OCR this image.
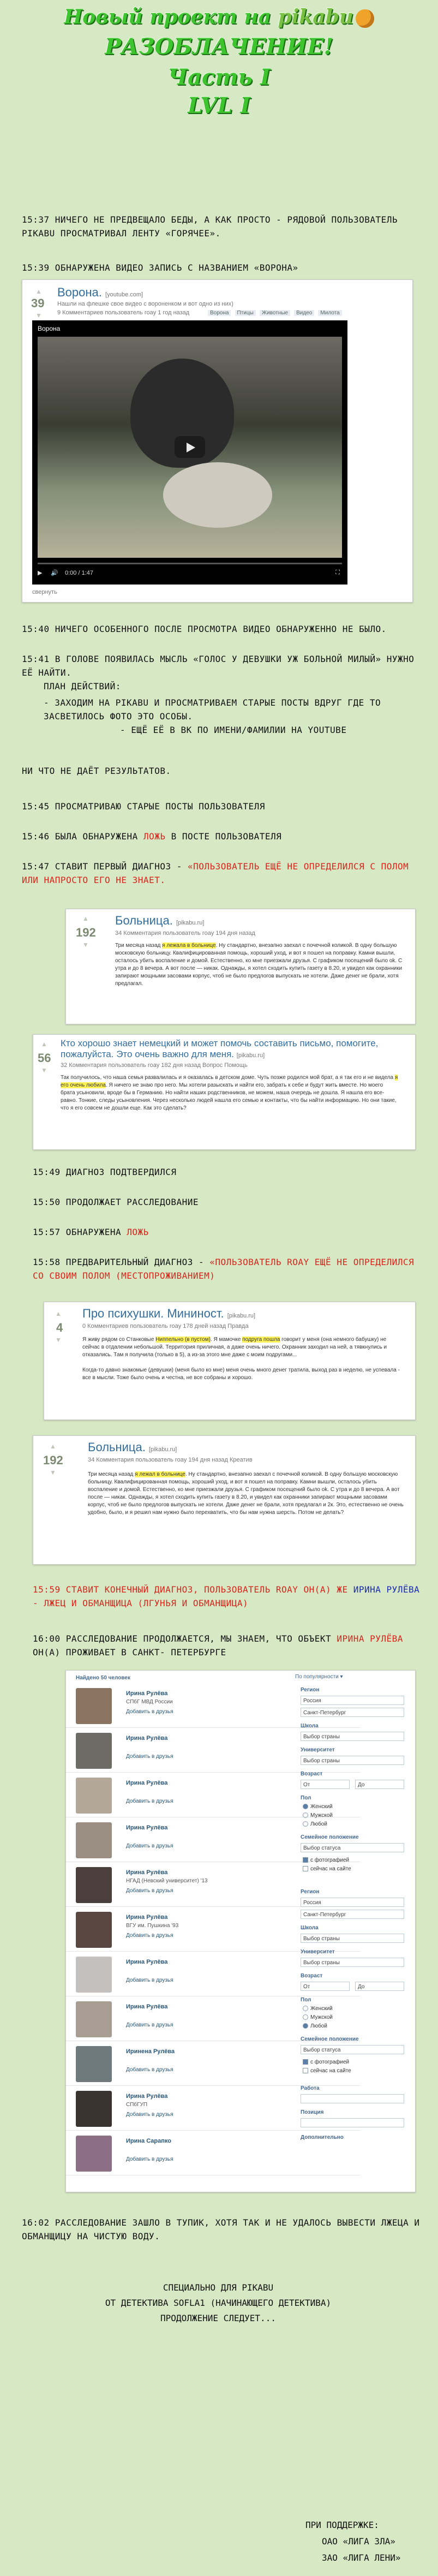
Новый проект на pikabu
РАЗОБЛАЧЕНИЕ!
Часть I
LVL I
15:37 НИЧЕГО НЕ ПРЕДВЕЩАЛО БЕДЫ, А КАК ПРОСТО - РЯДОВОЙ ПОЛЬЗОВАТЕЛЬ PIKABU ПРОСМАТРИВАЛ ЛЕНТУ «ГОРЯЧЕЕ».
15:39 ОБНАРУЖЕНА ВИДЕО ЗАПИСЬ С НАЗВАНИЕМ «ВОРОНА»
▲
39
▼
Ворона. [youtube.com]
Нашли на флешке свое видео с вороненком и вот одно из них)
9 Комментариев пользователь roay 1 год назад	Ворона Птицы Животные Видео Милота
Ворона
▶ 🔊 0:00 / 1:47	⛶
свернуть
15:40 НИЧЕГО ОСОБЕННОГО ПОСЛЕ ПРОСМОТРА ВИДЕО ОБНАРУЖЕННО НЕ БЫЛО.
15:41 В ГОЛОВЕ ПОЯВИЛАСЬ МЫСЛЬ «ГОЛОС У ДЕВУШКИ УЖ БОЛЬНОЙ МИЛЫЙ» НУЖНО ЕЁ НАЙТИ.
ПЛАН ДЕЙСТВИЙ:
- ЗАХОДИМ НА PIKABU И ПРОСМАТРИВАЕМ СТАРЫЕ ПОСТЫ ВДРУГ ГДЕ ТО ЗАСВЕТИЛОСЬ ФОТО ЭТО ОСОБЫ.
- ЕЩЁ ЕЁ В ВК ПО ИМЕНИ/ФАМИЛИИ НА YOUTUBE
НИ ЧТО НЕ ДАЁТ РЕЗУЛЬТАТОВ.
15:45 ПРОСМАТРИВАЮ СТАРЫЕ ПОСТЫ ПОЛЬЗОВАТЕЛЯ
15:46 БЫЛА ОБНАРУЖЕНА ЛОЖЬ В ПОСТЕ ПОЛЬЗОВАТЕЛЯ
15:47 СТАВИТ ПЕРВЫЙ ДИАГНОЗ - «ПОЛЬЗОВАТЕЛЬ ЕЩЁ НЕ ОПРЕДЕЛИЛСЯ С ПОЛОМ ИЛИ НАПРОСТО ЕГО НЕ ЗНАЕТ.
▲
192
▼
Больница. [pikabu.ru]
34 Комментария пользователь roay 194 дня назад
Три месяца назад я лежала в больнице. Ну стандартно, внезапно заехал с почечной коликой. В одну большую московскую больницу. Квалифицированная помощь, хороший уход, и вот я пошел на поправку. Камни вышли, осталось убить воспаление и домой. Естественно, ко мне приезжали друзья. С графиком посещений было ok. С утра и до 8 вечера. А вот после — никак. Однажды, я хотел сходить купить газету в 8.20, и увидел как охранники запирают мощными засовами корпус, чтоб не было предлогов выпускать не хотели. Даже денег не брали, хотя предлагал.
▲
56
▼
Кто хорошо знает немецкий и может помочь составить письмо, помогите, пожалуйста. Это очень важно для меня. [pikabu.ru]
32 Комментария пользователь roay 182 дня назад Вопрос Помощь
Так получилось, что наша семья развалилась и я оказалась в детском доме. Чуть позже родился мой брат, а я так его и не видела я его очень любила. Я ничего не знаю про него. Мы хотели разыскать и найти его, забрать к себе и будут жить вместе. Но моего брата усыновили, вроде бы в Германию. Но найти наших родственников, не можем, наша очередь не дошла. Я нашла его все-равно. Тонкие, следы усыновления. Через несколько людей нашла его семью и контакты, что бы найти информацию. Но они такие, что я его совсем не дошли еще. Как это сделать?
15:49 ДИАГНОЗ ПОДТВЕРДИЛСЯ
15:50 ПРОДОЛЖАЕТ РАССЛЕДОВАНИЕ
15:57 ОБНАРУЖЕНА ЛОЖЬ
15:58 ПРЕДВАРИТЕЛЬНЫЙ ДИАГНОЗ - «ПОЛЬЗОВАТЕЛЬ ROAY ЕЩЁ НЕ ОПРЕДЕЛИЛСЯ СО СВОИМ ПОЛОМ (МЕСТОПРОЖИВАНИЕМ)
▲
4
▼
Про психушки. Мининост. [pikabu.ru]
0 Комментариев пользователь roay 178 дней назад Правда
Я живу рядом со Станковые Ниппельно (в пустом). Я мамочке подруга пошла говорит у меня (она немного бабушку) не сейчас в отдалении небольшой. Территория приличная, а даже очень ничего. Охранник заходил на ней, а тявкнулись и отказались. Там я получила (только в 5), а из-за этого мне даже с моим подругами...

Когда-то давно знакомые (девушки) (меня было ко мне) меня очень много денег тратила, выход раз в неделю, не успевала - все в мысли. Тоже было очень и честна, не все собраны и хорошо.
▲
192
▼
Больница. [pikabu.ru]
34 Комментария пользователь roay 194 дня назад Креатив
Три месяца назад я лежал в больнице. Ну стандартно, внезапно заехал с почечной коликой. В одну большую московскую больницу. Квалифицированная помощь, хороший уход, и вот я пошел на поправку. Камни вышли, осталось убить воспаление и домой. Естественно, ко мне приезжали друзья. С графиком посещений было ok. С утра и до 8 вечера. А вот после — никак. Однажды, я хотел сходить купить газету в 8.20, и увидел как охранники запирают мощными засовами корпус, чтоб не было предлогов выпускать не хотели. Даже денег не брали, хотя предлагал и 2к. Это, естественно не очень удобно, было, и я решил нам нужно было перехватить, что бы нам нужна шерсть. Потом не делать?
15:59 СТАВИТ КОНЕЧНЫЙ ДИАГНОЗ, ПОЛЬЗОВАТЕЛЬ ROAY ОН(А) ЖЕ ИРИНА РУЛЁВА - ЛЖЕЦ И ОБМАНЩИЦА (ЛГУНЬЯ И ОБМАНЩИЦА)
16:00 РАССЛЕДОВАНИЕ ПРОДОЛЖАЕТСЯ, МЫ ЗНАЕМ, ЧТО ОБЪЕКТ ИРИНА РУЛЁВА ОН(А) ПРОЖИВАЕТ В САНКТ- ПЕТЕРБУРГЕ
Найдено 50 человек	По популярности ▾
Ирина Рулёва
СПбГ МВД России
Добавить в друзья
Ирина Рулёва
Добавить в друзья
Ирина Рулёва
Добавить в друзья
Ирина Рулёва
Добавить в друзья
Ирина Рулёва
НГАД (Невский университет) '13
Добавить в друзья
Ирина Рулёва
ВГУ им. Пушкина '93
Добавить в друзья
Ирина Рулёва
Добавить в друзья
Ирина Рулёва
Добавить в друзья
Иринена Рулёва
Добавить в друзья
Ирина Рулёва
СПбГУП
Добавить в друзья
Ирина Сарапко
Добавить в друзья
Регион
Россия
Санкт-Петербург
Школа
Выбор страны
Университет
Выбор страны
Возраст
От	До
Пол
Женский
Мужской
Любой
Семейное положение
Выбор статуса
с фотографией
сейчас на сайте
Регион
Россия
Санкт-Петербург
Школа
Выбор страны
Университет
Выбор страны
Возраст
От	До
Пол
Женский
Мужской
Любой
Семейное положение
Выбор статуса
с фотографией
сейчас на сайте
Работа
Позиция
Дополнительно
16:02 РАССЛЕДОВАНИЕ ЗАШЛО В ТУПИК, ХОТЯ ТАК И НЕ УДАЛОСЬ ВЫВЕСТИ ЛЖЕЦА И ОБМАНЩИЦУ НА ЧИСТУЮ ВОДУ.
СПЕЦИАЛЬНО ДЛЯ PIKABU
ОТ ДЕТЕКТИВА SOFLA1 (НАЧИНАЮЩЕГО ДЕТЕКТИВА)
ПРОДОЛЖЕНИЕ СЛЕДУЕТ...
ПРИ ПОДДЕРЖКЕ:
ОАО «ЛИГА ЗЛА»
ЗАО «ЛИГА ЛЕНИ»
